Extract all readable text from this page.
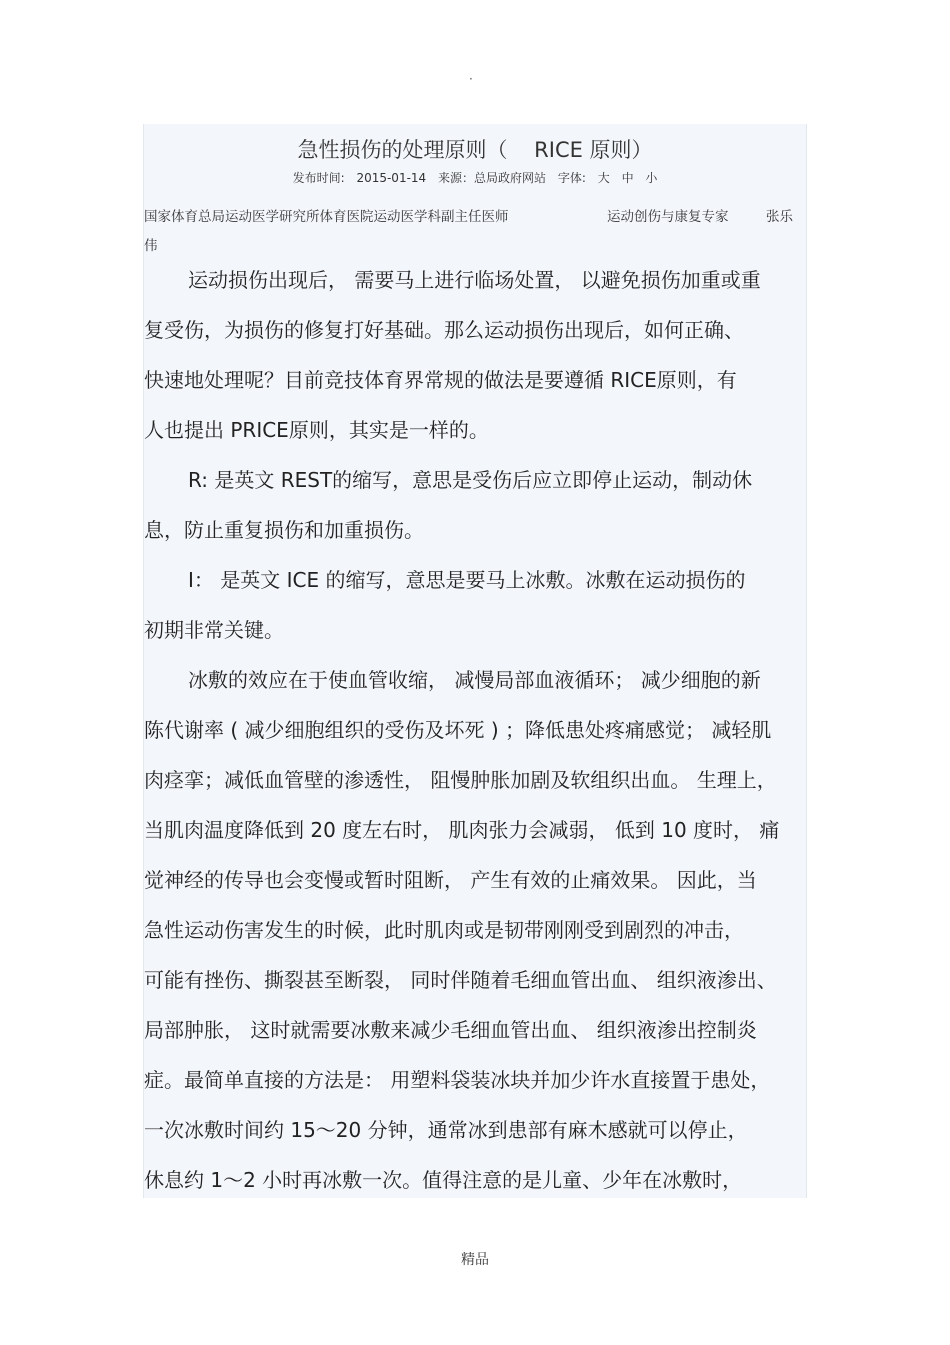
·
急性损伤的处理原则（    RICE 原则）
发布时间: 2015-01-14 来源：总局政府网站 字体: 大 中 小
国家体育总局运动医学研究所体育医院运动医学科副主任医师	运动创伤与康复专家	张乐
伟
运动损伤出现后， 需要马上进行临场处置， 以避免损伤加重或重
复受伤，为损伤的修复打好基础。那么运动损伤出现后，如何正确、
快速地处理呢？目前竞技体育界常规的做法是要遵循 RICE原则，有
人也提出 PRICE原则，其实是一样的。
R: 是英文 REST的缩写，意思是受伤后应立即停止运动，制动休
息，防止重复损伤和加重损伤。
I： 是英文 ICE 的缩写，意思是要马上冰敷。冰敷在运动损伤的
初期非常关键。
冰敷的效应在于使血管收缩， 减慢局部血液循环； 减少细胞的新
陈代谢率 ( 减少细胞组织的受伤及坏死 ) ；降低患处疼痛感觉； 减轻肌
肉痉挛；减低血管壁的渗透性， 阻慢肿胀加剧及软组织出血。 生理上，
当肌肉温度降低到 20 度左右时， 肌肉张力会减弱， 低到 10 度时， 痛
觉神经的传导也会变慢或暂时阻断， 产生有效的止痛效果。 因此，当
急性运动伤害发生的时候，此时肌肉或是韧带刚刚受到剧烈的冲击，
可能有挫伤、撕裂甚至断裂， 同时伴随着毛细血管出血、 组织液渗出、
局部肿胀， 这时就需要冰敷来减少毛细血管出血、 组织液渗出控制炎
症。最简单直接的方法是： 用塑料袋装冰块并加少许水直接置于患处，
一次冰敷时间约 15～20 分钟，通常冰到患部有麻木感就可以停止，
休息约 1～2 小时再冰敷一次。值得注意的是儿童、少年在冰敷时，
精品
